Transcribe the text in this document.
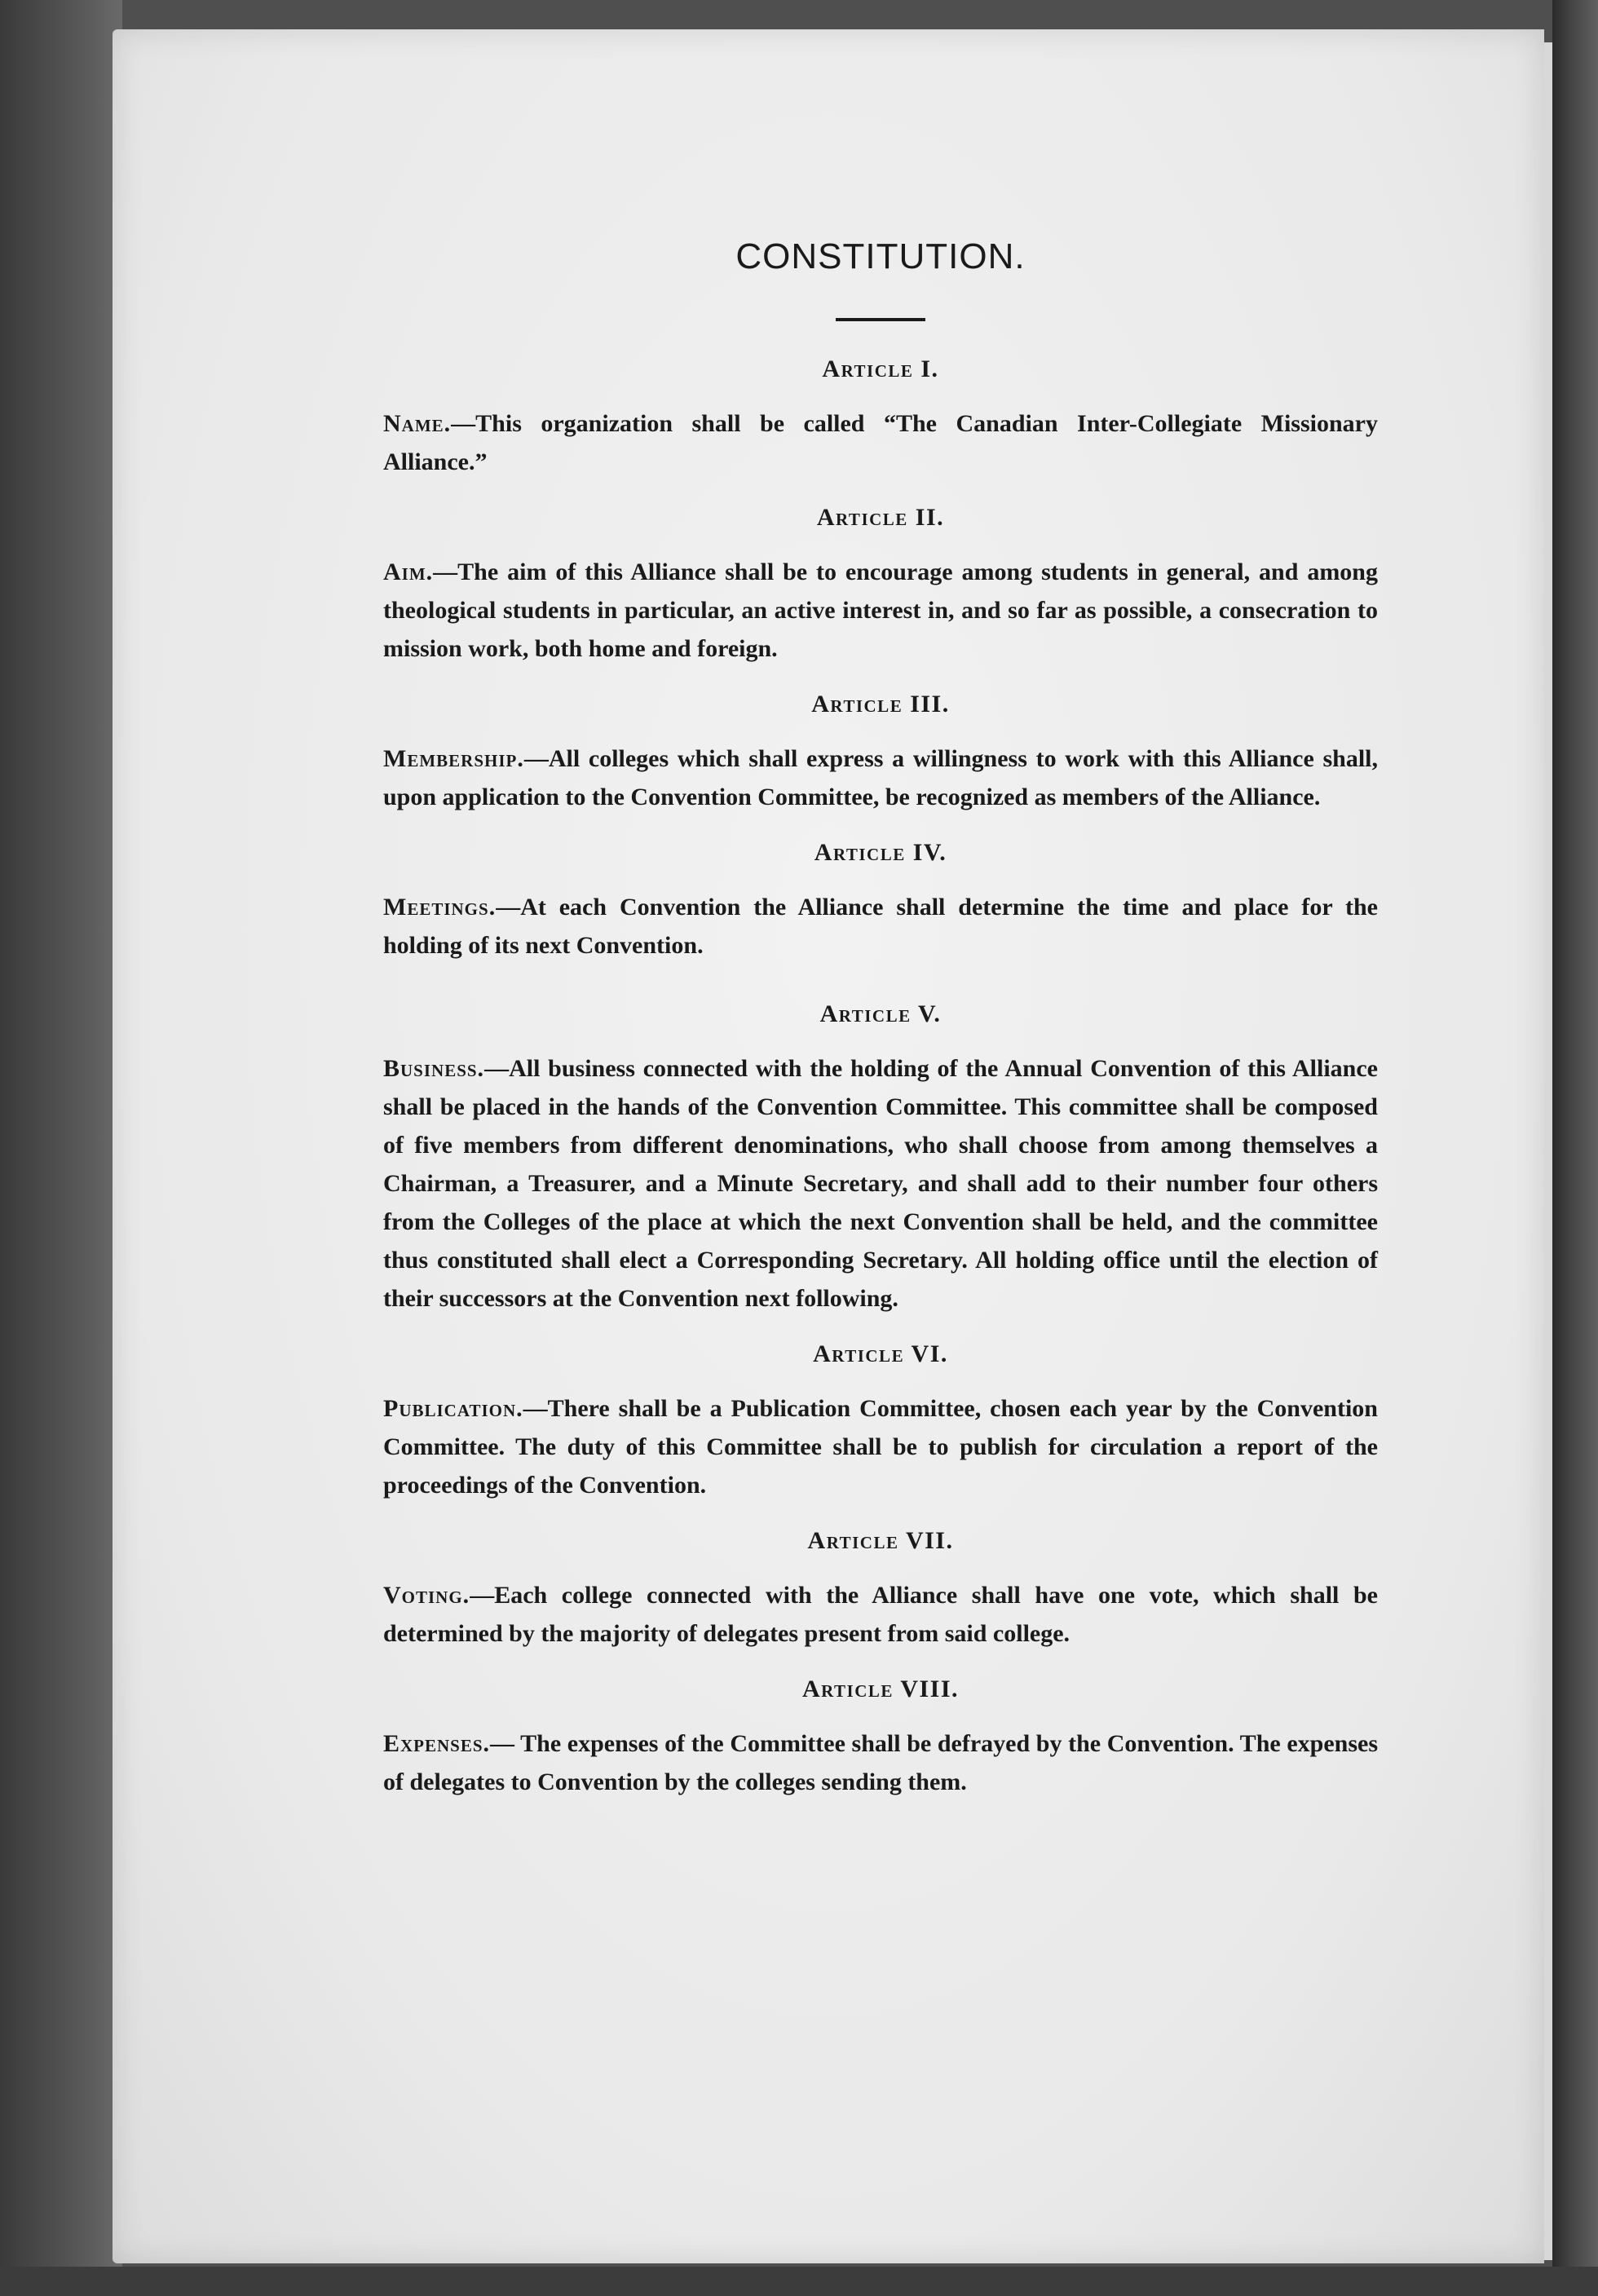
CONSTITUTION.
Article I.

Name.—This organization shall be called “The Canadian Inter-Collegiate Missionary Alliance.”

Article II.

Aim.—The aim of this Alliance shall be to encourage among students in general, and among theological students in particular, an active interest in, and so far as possible, a consecration to mission work, both home and foreign.

Article III.

Membership.—All colleges which shall express a willingness to work with this Alliance shall, upon application to the Convention Committee, be recognized as members of the Alliance.

Article IV.

Meetings.—At each Convention the Alliance shall determine the time and place for the holding of its next Convention.

Article V.

Business.—All business connected with the holding of the Annual Convention of this Alliance shall be placed in the hands of the Convention Committee. This committee shall be composed of five members from different denominations, who shall choose from among themselves a Chairman, a Treasurer, and a Minute Secretary, and shall add to their number four others from the Colleges of the place at which the next Convention shall be held, and the committee thus constituted shall elect a Corresponding Secretary. All holding office until the election of their successors at the Convention next following.

Article VI.

Publication.—There shall be a Publication Committee, chosen each year by the Convention Committee. The duty of this Committee shall be to publish for circulation a report of the proceedings of the Convention.

Article VII.

Voting.—Each college connected with the Alliance shall have one vote, which shall be determined by the majority of delegates present from said college.

Article VIII.

Expenses.— The expenses of the Committee shall be defrayed by the Convention. The expenses of delegates to Convention by the colleges sending them.
